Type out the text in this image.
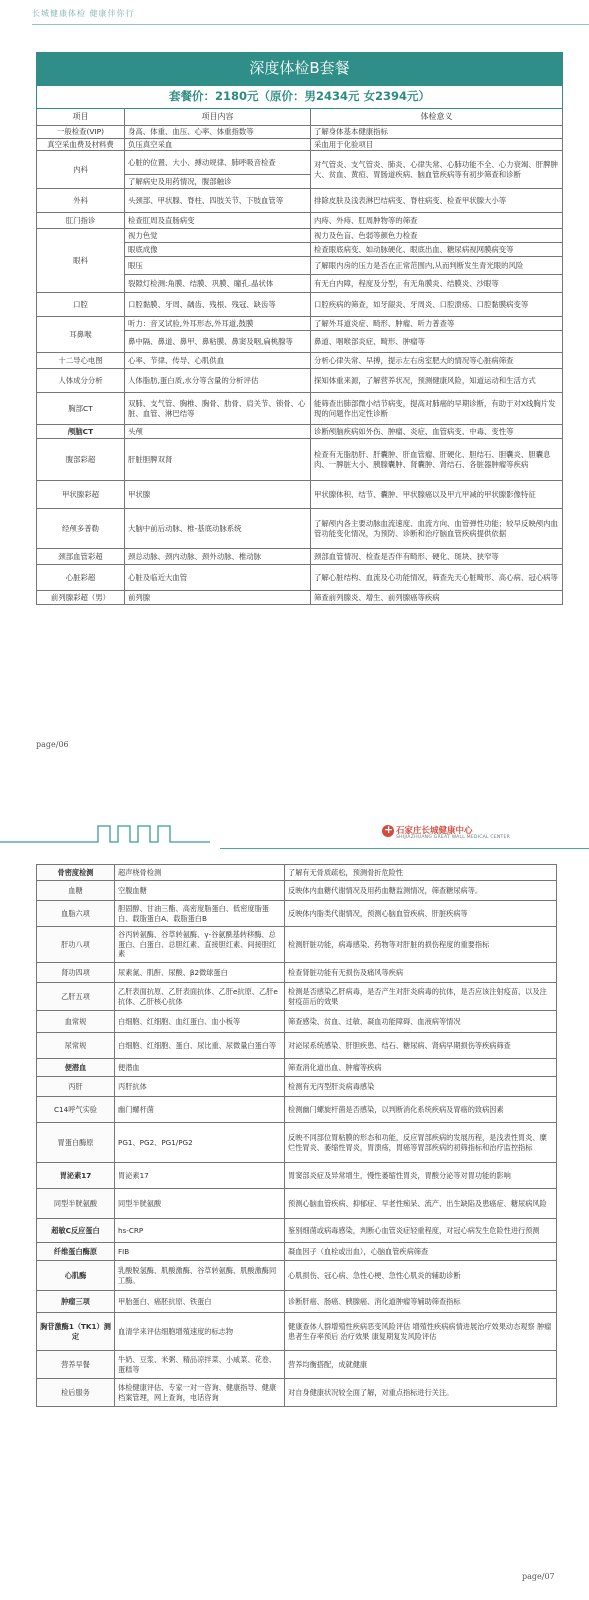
长城健康体检 健康伴你行
深度体检B套餐		
套餐价：2180元（原价：男2434元 女2394元）		
项目	项目内容	体检意义
一般检查(VIP)	身高、体重、血压、心率、体重指数等	了解身体基本健康指标
真空采血费及材料费	负压真空采血	采血用于化验项目
内科	心脏的位置、大小、搏动规律、肺呼吸音检查	对气管炎、支气管炎、肺炎、心律失常、心肺功能不全、心力衰竭、肝脾肿大、贫血、黄疸、胃肠道疾病、脑血管疾病等有初步筛查和诊断
	了解病史及用药情况，腹部触诊	
外科	头颈部、甲状腺、脊柱、四肢关节、下肢血管等	排除皮肤及浅表淋巴结病变、脊柱病变、检查甲状腺大小等
肛门指诊	检查肛周及直肠病变	内痔、外痔、肛周肿物等的筛查
眼科	视力色觉	视力及色盲、色弱等颜色力检查
	眼底成像	检查眼底病变、如动脉硬化、眼底出血、糖尿病视网膜病变等
	眼压	了解眼内房的压力是否在正常范围内,从而判断发生青光眼的风险
	裂隙灯检测:角膜、结膜、巩膜、瞳孔.晶状体	有无白内障，程度及分型，有无角膜炎、结膜炎、沙眼等
口腔	口腔黏膜、牙周、龋齿、残根、残冠、缺齿等	口腔疾病的筛查，如牙龈炎、牙周炎、口腔溃疡、口腔黏膜病变等
耳鼻喉	听力：音叉试验,外耳形态,外耳道,鼓膜	了解外耳道炎症、畸形、肿瘤、听力普查等
	鼻中隔、鼻道、鼻甲、鼻粘膜、鼻窦及咽,扁桃腺等	鼻道、咽喉部炎症、畸形、肿瘤等
十二导心电图	心率、节律、传导、心肌供血	分析心律失常、早搏，提示左右房室肥大的情况等心脏病筛查
人体成分分析	人体脂肪,蛋白质,水分等含量的分析评估	探知体重来源，了解营养状况，预测健康风险，知道运动和生活方式
胸部CT	双肺、支气管、胸椎、胸骨、肋骨、肩关节、锁骨、心脏、血管、淋巴结等	能筛查出肺部微小结节病变，提高对肺癌的早期诊断，有助于对X线胸片发现的问题作出定性诊断
颅脑CT	头颅	诊断颅脑疾病如外伤、肿瘤、炎症、血管病变、中毒、变性等
腹部彩超	肝脏胆脾双肾	检查有无脂肪肝、肝囊肿、肝血管瘤、肝硬化、胆结石、胆囊炎、胆囊息肉、一脾脏大小、胰腺囊肿、肾囊肿、肾结石、各脏器肿瘤等疾病
甲状腺彩超	甲状腺	甲状腺体积、结节、囊肿、甲状腺癌以及甲亢甲减的甲状腺影像特征
经颅多普勒	大脑中前后动脉、椎-基底动脉系统	了解颅内各主要动脉血流速度、血流方向、血管弹性功能；较早反映颅内血管功能变化情况，为预防、诊断和治疗脑血管疾病提供依据
颈部血管彩超	颈总动脉、颈内动脉、颈外动脉、椎动脉	颈部血管情况、检查是否伴有畸形、硬化、斑块、狭窄等
心脏彩超	心脏及临近大血管	了解心脏结构、血流及心功能情况，筛查先天心脏畸形、高心病、冠心病等
前列腺彩超（男）	前列腺	筛查前列腺炎、增生、前列腺癌等疾病
page/06
+
石家庄长城健康中心
SHIJIAZHUANG GREAT WALL MEDICAL CENTER
骨密度检测	超声桡骨检测	了解有无骨质疏松，预测骨折危险性
血糖	空腹血糖	反映体内血糖代谢情况及用药血糖监测情况，筛查糖尿病等。
血脂六项	胆固醇、甘油三酯、高密度脂蛋白、低密度脂蛋白、载脂蛋白A、载脂蛋白B	反映体内脂类代谢情况，预测心脑血管疾病、肝脏疾病等
肝功八项	谷丙转氨酶、谷草转氨酶、γ-谷氨酰基转移酶、总蛋白、白蛋白、总胆红素、直接胆红素、间接胆红素	检测肝脏功能，病毒感染、药物等对肝脏的损伤程度的重要指标
肾功四项	尿素氮、肌酐、尿酸、β2微球蛋白	检查肾脏功能有无损伤及痛风等疾病
乙肝五项	乙肝表面抗原、乙肝表面抗体、乙肝e抗原、乙肝e抗体、乙肝核心抗体	检测是否感染乙肝病毒，是否产生对肝炎病毒的抗体，是否应该注射疫苗，以及注射疫苗后的效果
血常规	白细胞、红细胞、血红蛋白、血小板等	筛查感染、贫血、过敏、凝血功能障碍、血液病等情况
尿常规	白细胞、红细胞、蛋白、尿比重、尿微量白蛋白等	对泌尿系统感染、肝胆疾患、结石、糖尿病、肾病早期损伤等疾病筛查
便潜血	便潜血	筛查消化道出血、肿瘤等疾病
丙肝	丙肝抗体	检测有无丙型肝炎病毒感染
C14呼气实验	幽门螺杆菌	检测幽门螺旋杆菌是否感染，以判断消化系统疾病及胃癌的致病因素
胃蛋白酶原	PG1、PG2、PG1/PG2	反映不同部位胃粘膜的形态和功能，反应胃部疾病的发展历程，是浅表性胃炎、糜烂性胃炎、萎缩性胃炎，胃溃疡，胃癌等胃部疾病的初筛指标和治疗监控指标
胃泌素17	胃泌素17	胃窦部炎症及异常增生，慢性萎缩性胃炎，胃酸分泌等对胃功能的影响
同型半胱氨酸	同型半胱氨酸	预测心脑血管疾病、抑郁症、早老性痴呆、流产、出生缺陷及患癌症、糖尿病风险
超敏C反应蛋白	hs-CRP	鉴别细菌或病毒感染，判断心血管炎症轻重程度，对冠心病发生危险性进行预测
纤维蛋白酶原	FIB	凝血因子（血栓或出血），心脑血管疾病筛查
心肌酶	乳酸脱氢酶、肌酸激酶、谷草转氨酶、肌酸激酶同工酶。	心肌损伤、冠心病、急性心梗、急性心肌炎的辅助诊断
肿瘤三项	甲胎蛋白、癌胚抗原、铁蛋白	诊断肝癌、肠癌、胰腺癌、消化道肿瘤等辅助筛查指标
胸苷激酶1（TK1）测定	血清学来评估细胞增殖速度的标志物	健康查体人群增殖性疾病恶变风险评估 增殖性疾病病情进展治疗效果动态观察 肿瘤患者生存率预后 治疗效果 康复期复发风险评估
营养早餐	牛奶、豆浆、米粥、精品凉拌菜、小咸菜、花卷、蛋糕等	营养均衡搭配，成就健康
检后服务	体检健康评估、专家一对一咨询、健康指导、健康档案管理，网上查询，电话咨询	对自身健康状况较全面了解，对重点指标进行关注。
page/07
